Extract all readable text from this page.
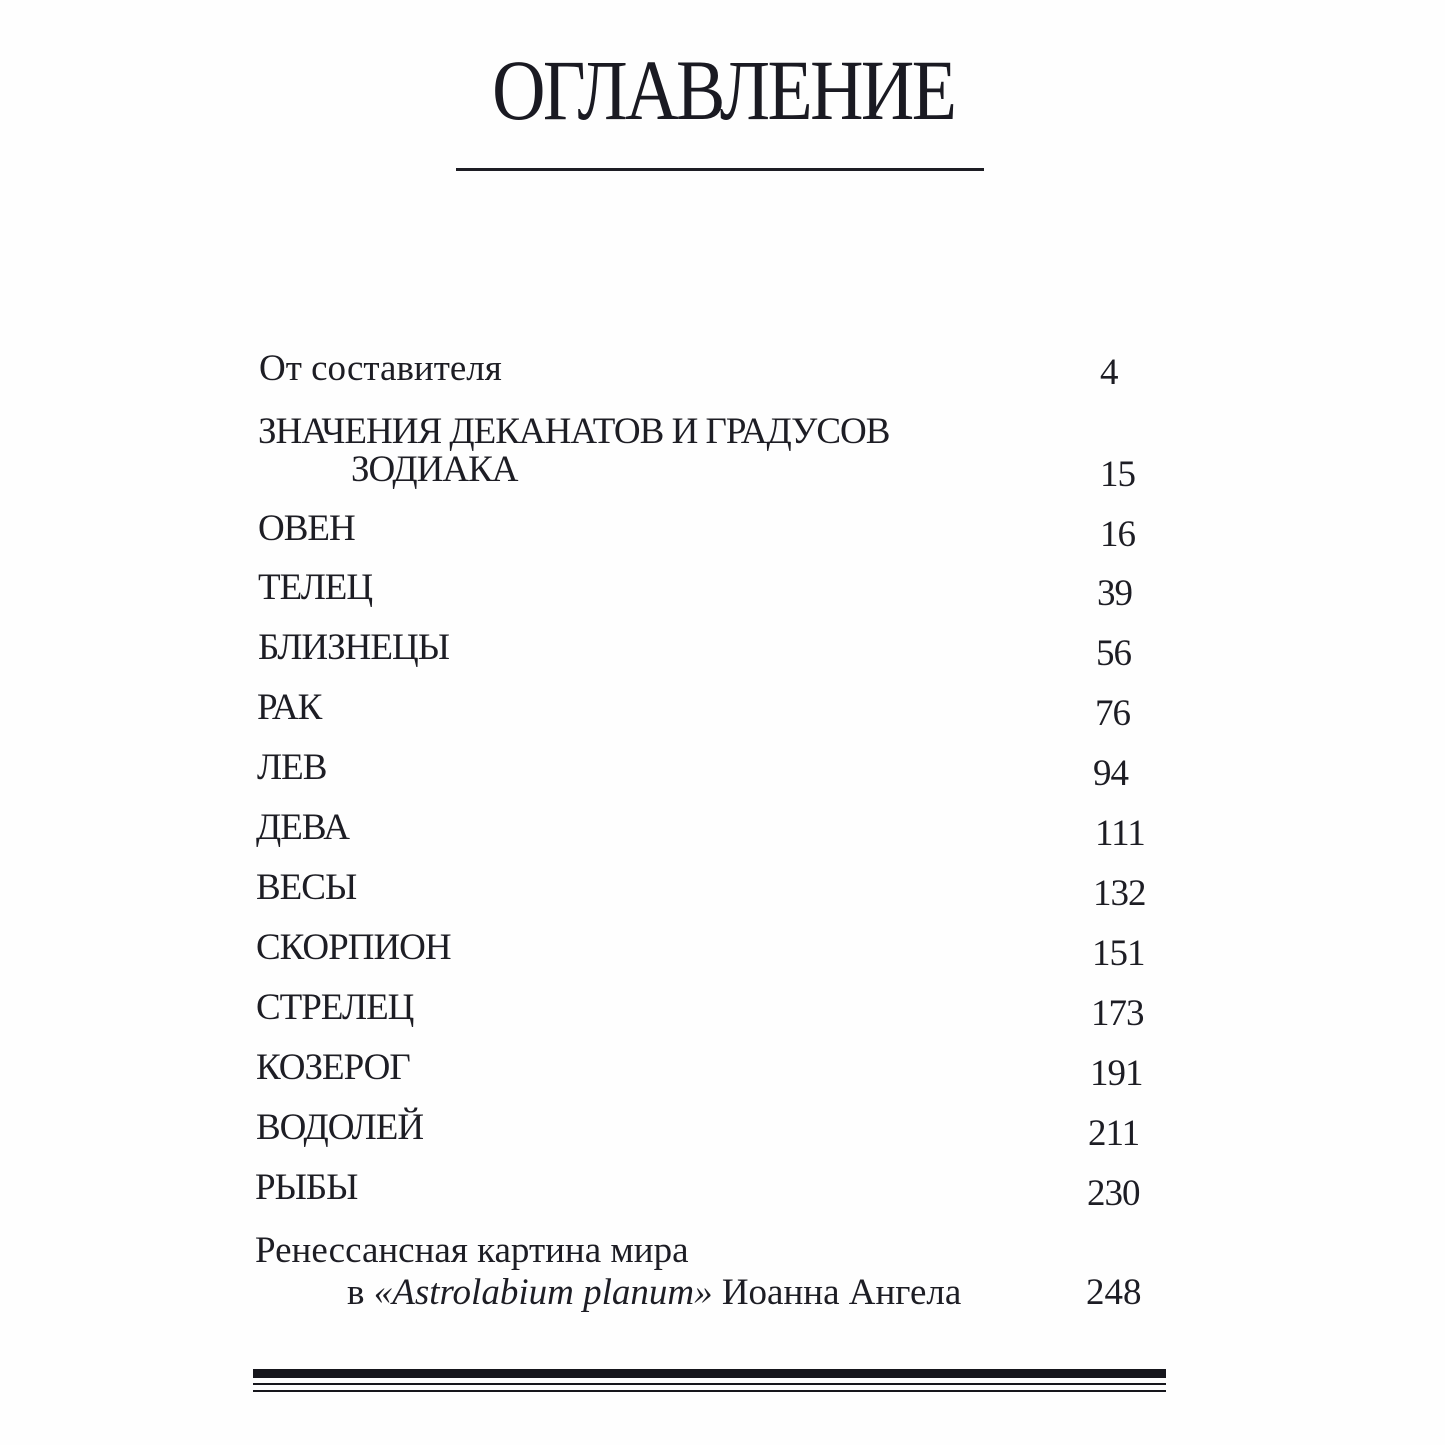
ОГЛАВЛЕНИЕ
От составителя	4
ЗНАЧЕНИЯ ДЕКАНАТОВ И ГРАДУСОВ
ЗОДИАКА	15
ОВЕН	16
ТЕЛЕЦ	39
БЛИЗНЕЦЫ	56
РАК	76
ЛЕВ	94
ДЕВА	111
ВЕСЫ	132
СКОРПИОН	151
СТРЕЛЕЦ	173
КОЗЕРОГ	191
ВОДОЛЕЙ	211
РЫБЫ	230
Ренессансная картина мира
в «Astrolabium planum» Иоанна Ангела	248
